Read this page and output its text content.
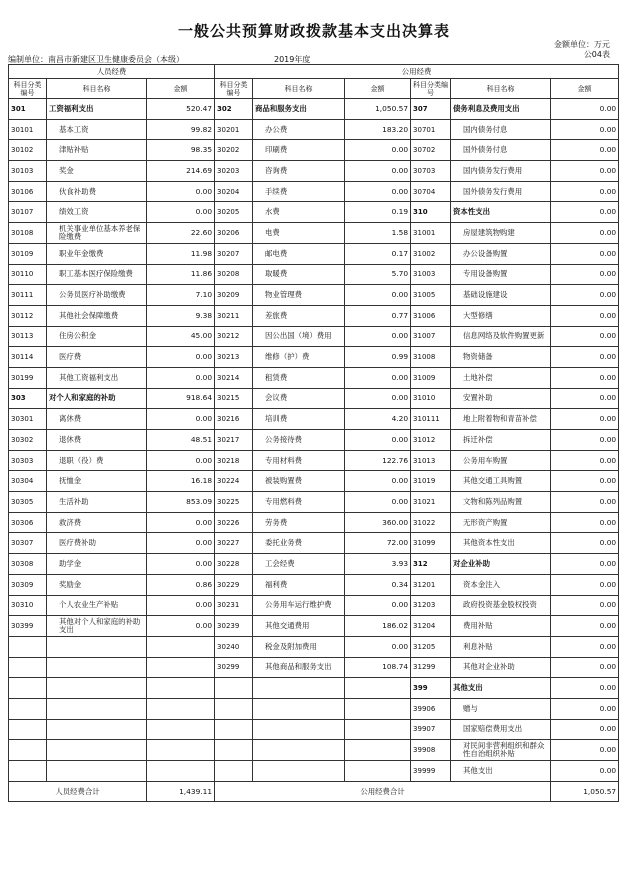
一般公共预算财政拨款基本支出决算表
金额单位：万元
公04表
编制单位：南昌市新建区卫生健康委员会（本级）	2019年度
人员经费			公用经费					
科目分类编号	科目名称	金额	科目分类编号	科目名称	金额	科目分类编号	科目名称	金额
301	工资福利支出	520.47	302	商品和服务支出	1,050.57	307	债务利息及费用支出	0.00
30101	基本工资	99.82	30201	办公费	183.20	30701	国内债务付息	0.00
30102	津贴补贴	98.35	30202	印刷费	0.00	30702	国外债务付息	0.00
30103	奖金	214.69	30203	咨询费	0.00	30703	国内债务发行费用	0.00
30106	伙食补助费	0.00	30204	手续费	0.00	30704	国外债务发行费用	0.00
30107	绩效工资	0.00	30205	水费	0.19	310	资本性支出	0.00
30108	机关事业单位基本养老保险缴费	22.60	30206	电费	1.58	31001	房屋建筑物购建	0.00
30109	职业年金缴费	11.98	30207	邮电费	0.17	31002	办公设备购置	0.00
30110	职工基本医疗保险缴费	11.86	30208	取暖费	5.70	31003	专用设备购置	0.00
30111	公务员医疗补助缴费	7.10	30209	物业管理费	0.00	31005	基础设施建设	0.00
30112	其他社会保障缴费	9.38	30211	差旅费	0.77	31006	大型修缮	0.00
30113	住房公积金	45.00	30212	因公出国（境）费用	0.00	31007	信息网络及软件购置更新	0.00
30114	医疗费	0.00	30213	维修（护）费	0.99	31008	物资储备	0.00
30199	其他工资福利支出	0.00	30214	租赁费	0.00	31009	土地补偿	0.00
303	对个人和家庭的补助	918.64	30215	会议费	0.00	31010	安置补助	0.00
30301	离休费	0.00	30216	培训费	4.20	310111	地上附着物和青苗补偿	0.00
30302	退休费	48.51	30217	公务接待费	0.00	31012	拆迁补偿	0.00
30303	退职（役）费	0.00	30218	专用材料费	122.76	31013	公务用车购置	0.00
30304	抚恤金	16.18	30224	被装购置费	0.00	31019	其他交通工具购置	0.00
30305	生活补助	853.09	30225	专用燃料费	0.00	31021	文物和陈列品购置	0.00
30306	救济费	0.00	30226	劳务费	360.00	31022	无形资产购置	0.00
30307	医疗费补助	0.00	30227	委托业务费	72.00	31099	其他资本性支出	0.00
30308	助学金	0.00	30228	工会经费	3.93	312	对企业补助	0.00
30309	奖励金	0.86	30229	福利费	0.34	31201	资本金注入	0.00
30310	个人农业生产补贴	0.00	30231	公务用车运行维护费	0.00	31203	政府投资基金股权投资	0.00
30399	其他对个人和家庭的补助支出	0.00	30239	其他交通费用	186.02	31204	费用补贴	0.00
			30240	税金及附加费用	0.00	31205	利息补贴	0.00
			30299	其他商品和服务支出	108.74	31299	其他对企业补助	0.00
						399	其他支出	0.00
						39906	赠与	0.00
						39907	国家赔偿费用支出	0.00
						39908	对民间非营利组织和群众性自治组织补贴	0.00
						39999	其他支出	0.00
人员经费合计		1,439.11	公用经费合计					1,050.57
